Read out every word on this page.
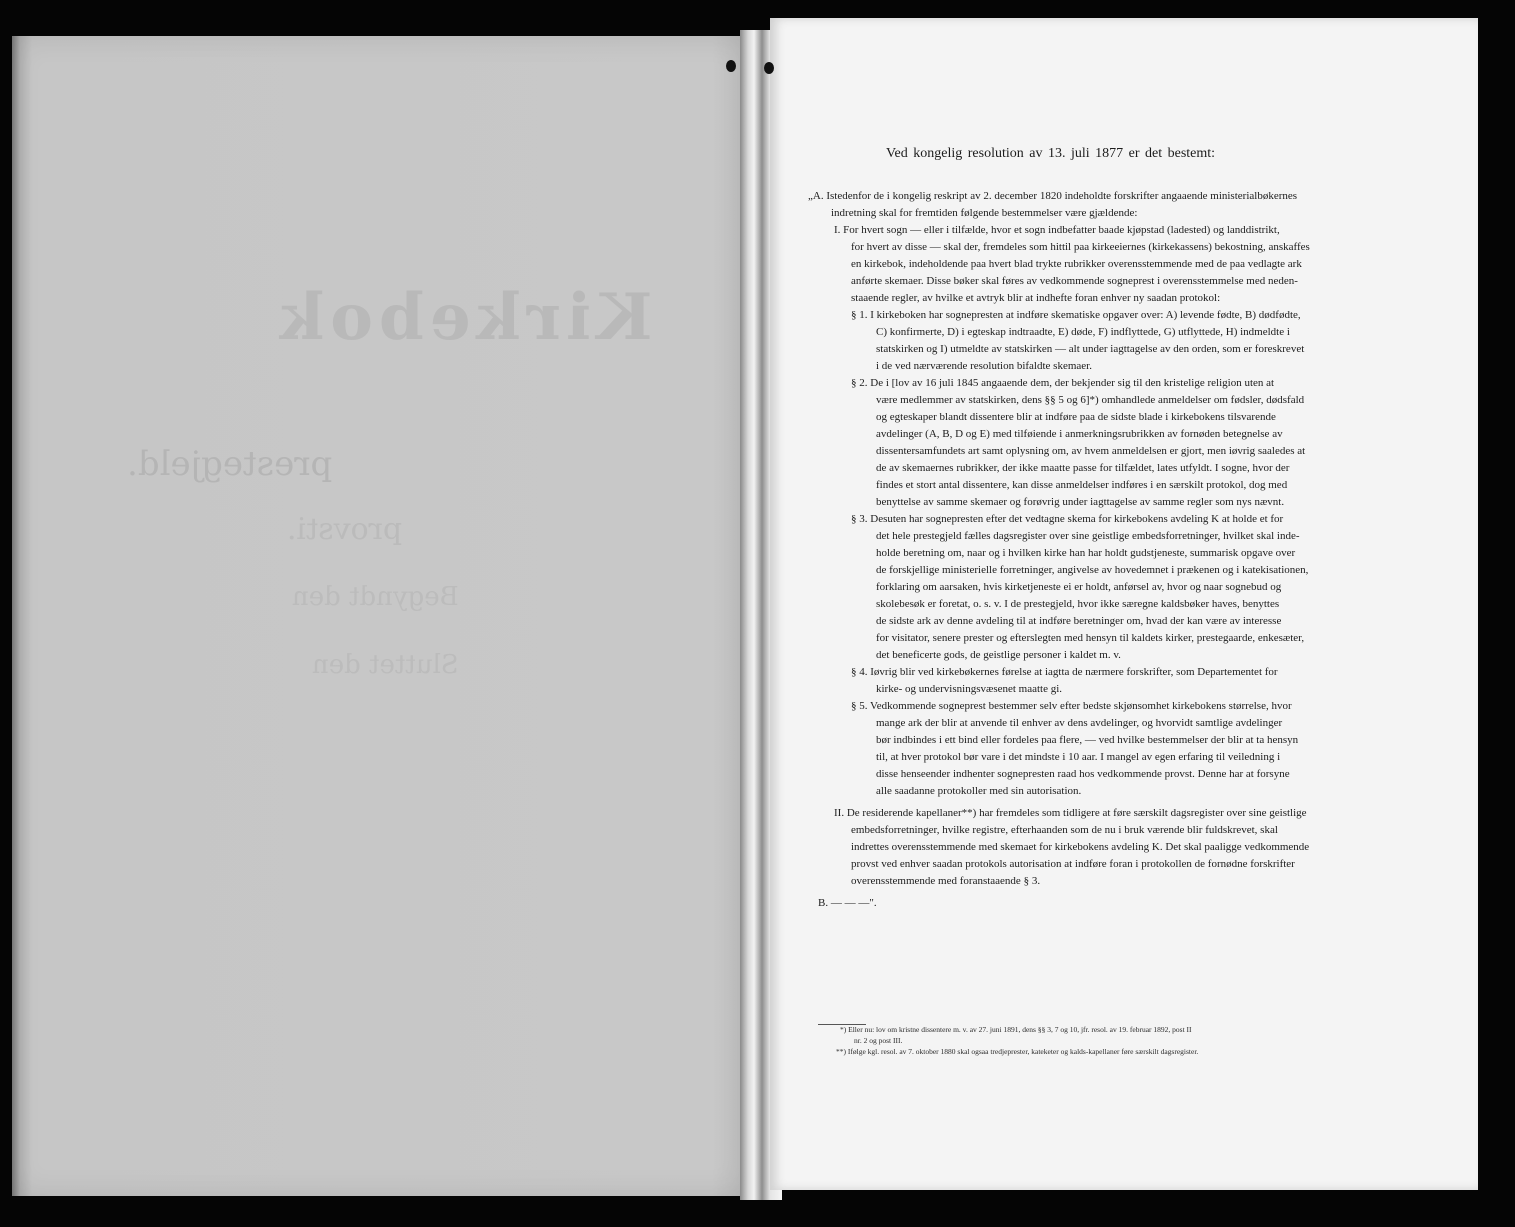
Kirkebok
prestegjeld.
provsti.
Begyndt den
Sluttet den
Ved kongelig resolution av 13. juli 1877 er det bestemt:
„A. Istedenfor de i kongelig reskript av 2. december 1820 indeholdte forskrifter angaaende ministerialbøkernes
indretning skal for fremtiden følgende bestemmelser være gjældende:
I. For hvert sogn — eller i tilfælde, hvor et sogn indbefatter baade kjøpstad (ladested) og landdistrikt,
for hvert av disse — skal der, fremdeles som hittil paa kirkeeiernes (kirkekassens) bekostning, anskaffes
en kirkebok, indeholdende paa hvert blad trykte rubrikker overensstemmende med de paa vedlagte ark
anførte skemaer. Disse bøker skal føres av vedkommende sogneprest i overensstemmelse med neden-
staaende regler, av hvilke et avtryk blir at indhefte foran enhver ny saadan protokol:
§ 1. I kirkeboken har sognepresten at indføre skematiske opgaver over: A) levende fødte, B) dødfødte,
C) konfirmerte, D) i egteskap indtraadte, E) døde, F) indflyttede, G) utflyttede, H) indmeldte i
statskirken og I) utmeldte av statskirken — alt under iagttagelse av den orden, som er foreskrevet
i de ved nærværende resolution bifaldte skemaer.
§ 2. De i [lov av 16 juli 1845 angaaende dem, der bekjender sig til den kristelige religion uten at
være medlemmer av statskirken, dens §§ 5 og 6]*) omhandlede anmeldelser om fødsler, dødsfald
og egteskaper blandt dissentere blir at indføre paa de sidste blade i kirkebokens tilsvarende
avdelinger (A, B, D og E) med tilføiende i anmerkningsrubrikken av fornøden betegnelse av
dissentersamfundets art samt oplysning om, av hvem anmeldelsen er gjort, men iøvrig saaledes at
de av skemaernes rubrikker, der ikke maatte passe for tilfældet, lates utfyldt. I sogne, hvor der
findes et stort antal dissentere, kan disse anmeldelser indføres i en særskilt protokol, dog med
benyttelse av samme skemaer og forøvrig under iagttagelse av samme regler som nys nævnt.
§ 3. Desuten har sognepresten efter det vedtagne skema for kirkebokens avdeling K at holde et for
det hele prestegjeld fælles dagsregister over sine geistlige embedsforretninger, hvilket skal inde-
holde beretning om, naar og i hvilken kirke han har holdt gudstjeneste, summarisk opgave over
de forskjellige ministerielle forretninger, angivelse av hovedemnet i prækenen og i katekisationen,
forklaring om aarsaken, hvis kirketjeneste ei er holdt, anførsel av, hvor og naar sognebud og
skolebesøk er foretat, o. s. v. I de prestegjeld, hvor ikke særegne kaldsbøker haves, benyttes
de sidste ark av denne avdeling til at indføre beretninger om, hvad der kan være av interesse
for visitator, senere prester og efterslegten med hensyn til kaldets kirker, prestegaarde, enkesæter,
det beneficerte gods, de geistlige personer i kaldet m. v.
§ 4. Iøvrig blir ved kirkebøkernes førelse at iagtta de nærmere forskrifter, som Departementet for
kirke- og undervisningsvæsenet maatte gi.
§ 5. Vedkommende sogneprest bestemmer selv efter bedste skjønsomhet kirkebokens størrelse, hvor
mange ark der blir at anvende til enhver av dens avdelinger, og hvorvidt samtlige avdelinger
bør indbindes i ett bind eller fordeles paa flere, — ved hvilke bestemmelser der blir at ta hensyn
til, at hver protokol bør vare i det mindste i 10 aar. I mangel av egen erfaring til veiledning i
disse henseender indhenter sognepresten raad hos vedkommende provst. Denne har at forsyne
alle saadanne protokoller med sin autorisation.
II. De residerende kapellaner**) har fremdeles som tidligere at føre særskilt dagsregister over sine geistlige
embedsforretninger, hvilke registre, efterhaanden som de nu i bruk værende blir fuldskrevet, skal
indrettes overensstemmende med skemaet for kirkebokens avdeling K. Det skal paaligge vedkommende
provst ved enhver saadan protokols autorisation at indføre foran i protokollen de fornødne forskrifter
overensstemmende med foranstaaende § 3.
B. — — —".
*) Eller nu: lov om kristne dissentere m. v. av 27. juni 1891, dens §§ 3, 7 og 10, jfr. resol. av 19. februar 1892, post II
nr. 2 og post III.
**) Ifølge kgl. resol. av 7. oktober 1880 skal ogsaa tredjeprester, kateketer og kalds-kapellaner føre særskilt dagsregister.
